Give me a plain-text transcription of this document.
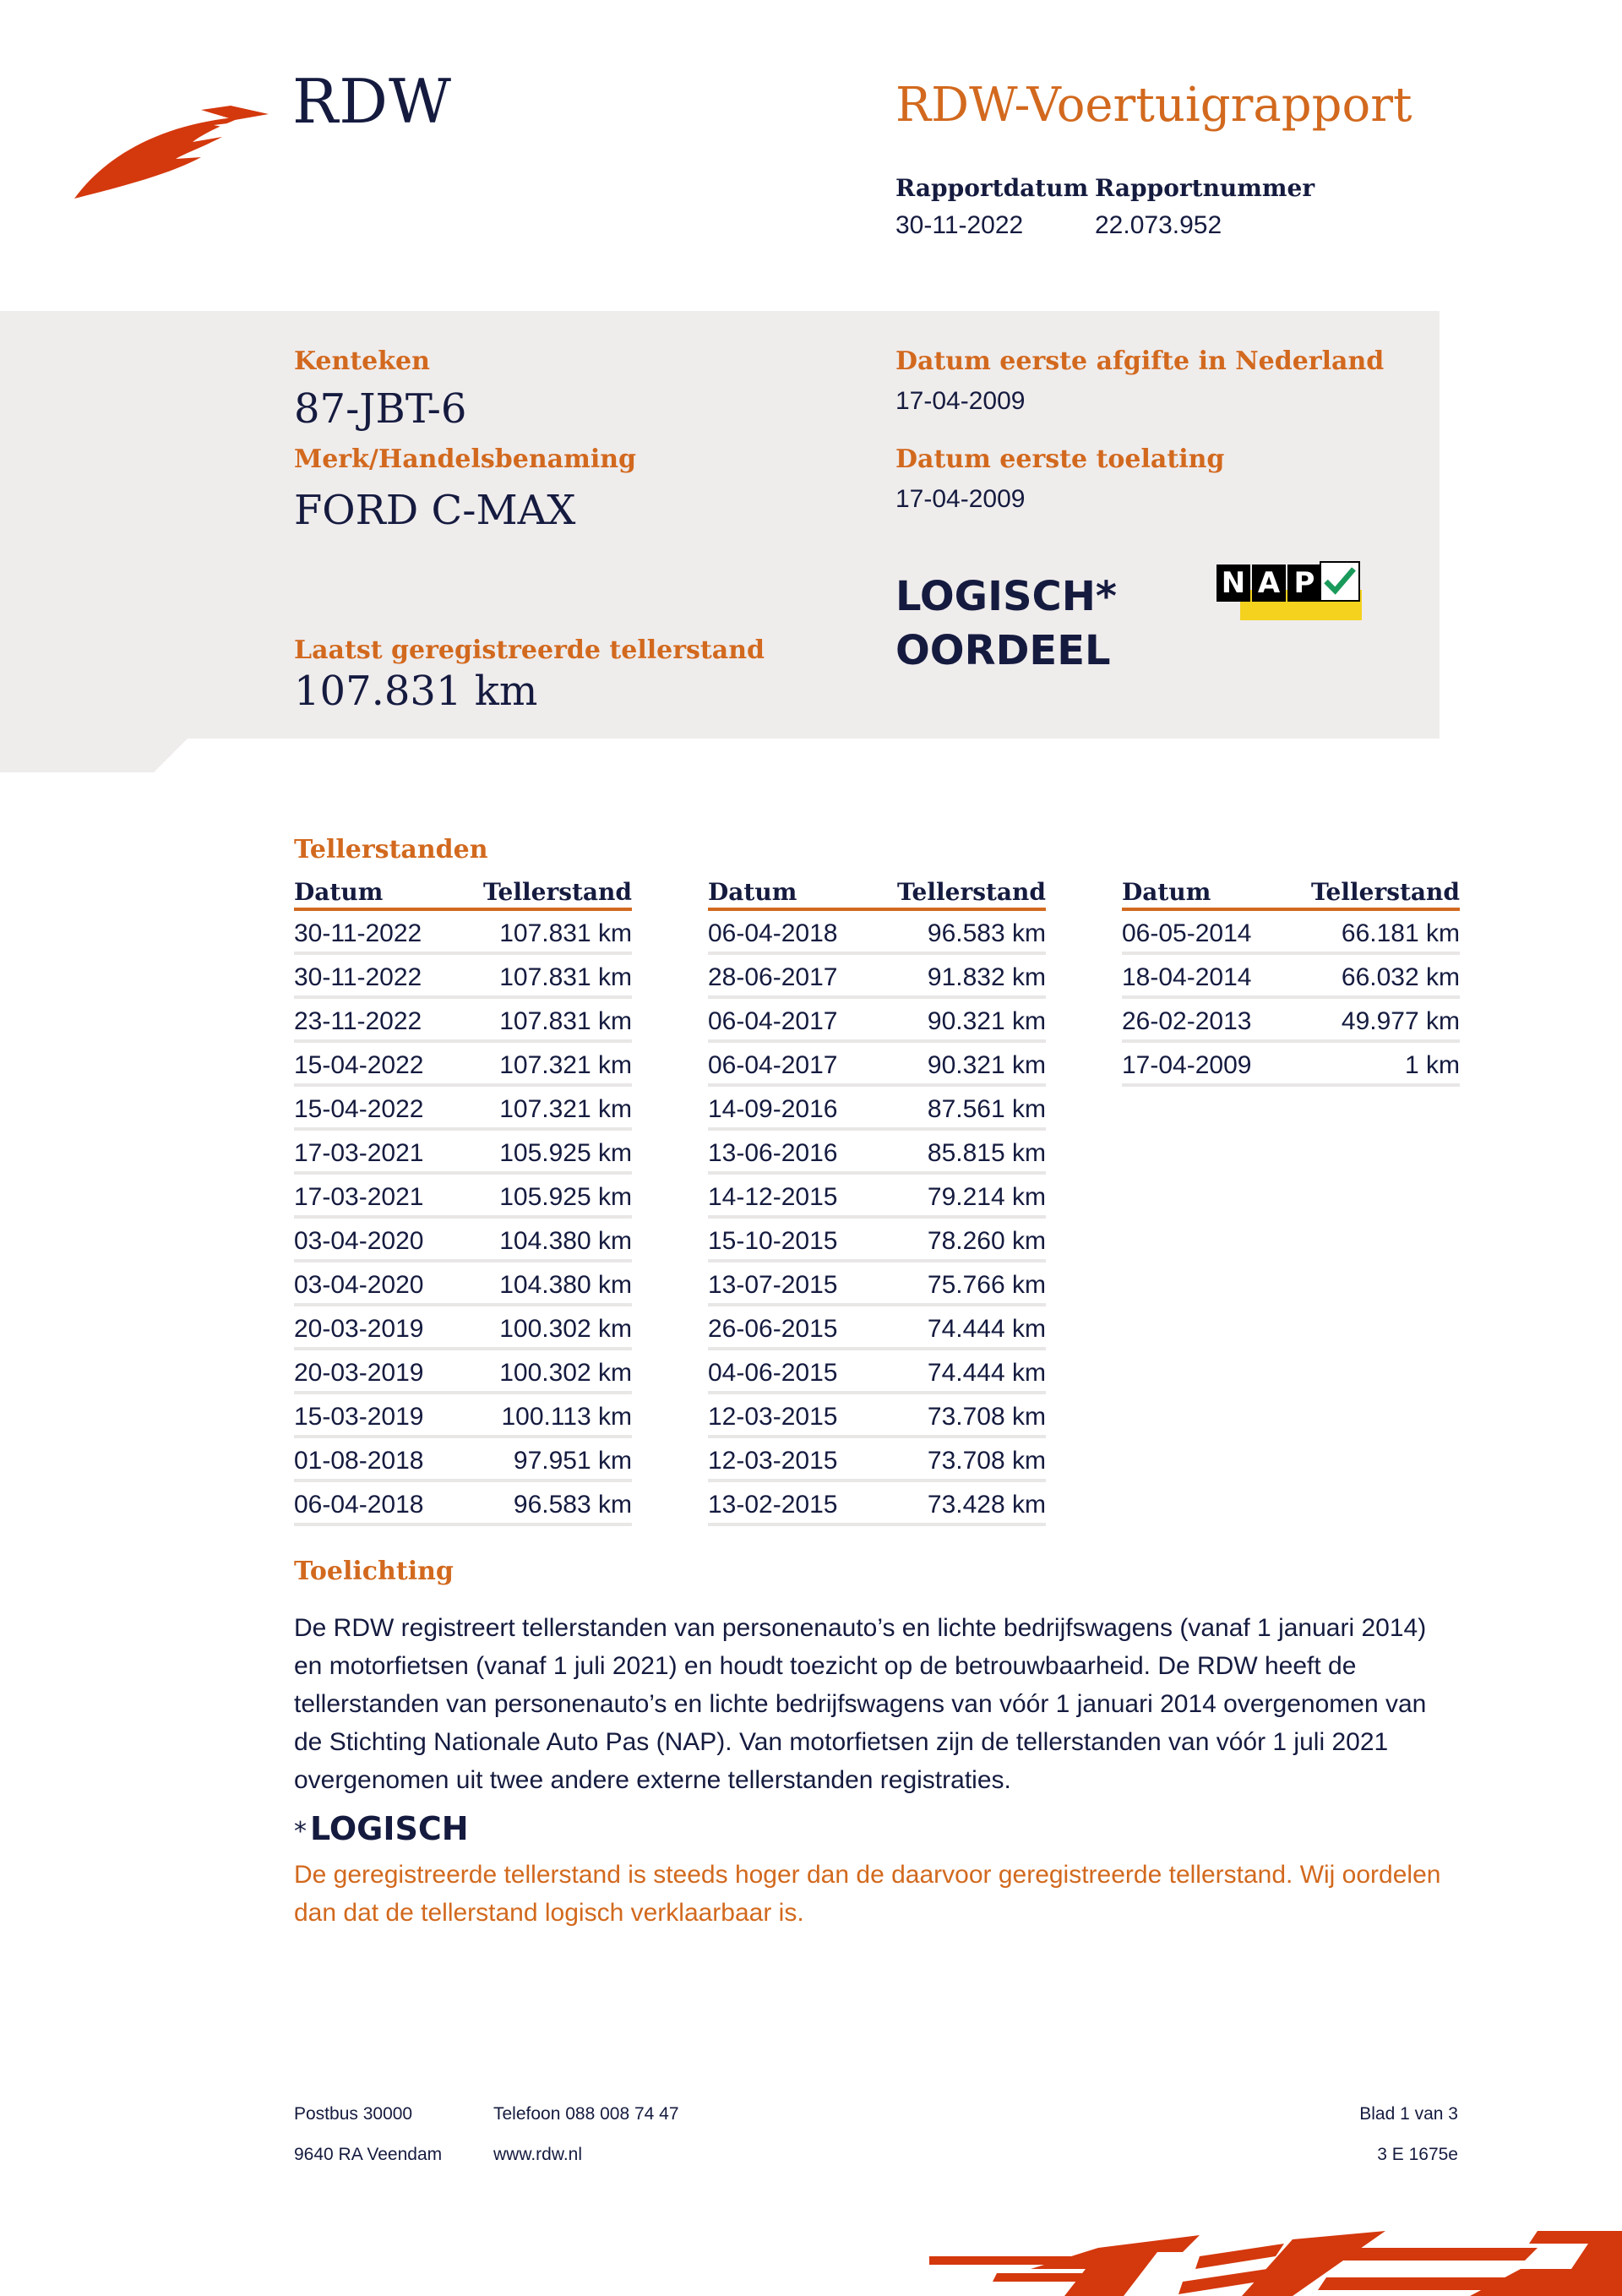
RDW	RDW-Voertuigrapport
Rapportdatum
30-11-2022
Rapportnummer
22.073.952
Kenteken
87-JBT-6
Merk/Handelsbenaming
FORD C-MAX
Datum eerste afgifte in Nederland
17-04-2009
Datum eerste toelating
17-04-2009
LOGISCH*
OORDEEL
N A P
Laatst geregistreerde tellerstand
107.831 km
Tellerstanden
Datum	Tellerstand
30-11-2022	107.831 km
30-11-2022	107.831 km
23-11-2022	107.831 km
15-04-2022	107.321 km
15-04-2022	107.321 km
17-03-2021	105.925 km
17-03-2021	105.925 km
03-04-2020	104.380 km
03-04-2020	104.380 km
20-03-2019	100.302 km
20-03-2019	100.302 km
15-03-2019	100.113 km
01-08-2018	97.951 km
06-04-2018	96.583 km
Datum	Tellerstand
06-04-2018	96.583 km
28-06-2017	91.832 km
06-04-2017	90.321 km
06-04-2017	90.321 km
14-09-2016	87.561 km
13-06-2016	85.815 km
14-12-2015	79.214 km
15-10-2015	78.260 km
13-07-2015	75.766 km
26-06-2015	74.444 km
04-06-2015	74.444 km
12-03-2015	73.708 km
12-03-2015	73.708 km
13-02-2015	73.428 km
Datum	Tellerstand
06-05-2014	66.181 km
18-04-2014	66.032 km
26-02-2013	49.977 km
17-04-2009	1 km
Toelichting
De RDW registreert tellerstanden van personenauto’s en lichte bedrijfswagens (vanaf 1 januari 2014) en motorfietsen (vanaf 1 juli 2021) en houdt toezicht op de betrouwbaarheid. De RDW heeft de tellerstanden van personenauto’s en lichte bedrijfswagens van vóór 1 januari 2014 overgenomen van de Stichting Nationale Auto Pas (NAP). Van motorfietsen zijn de tellerstanden van vóór 1 juli 2021 overgenomen uit twee andere externe tellerstanden registraties.
* LOGISCH
De geregistreerde tellerstand is steeds hoger dan de daarvoor geregistreerde tellerstand. Wij oordelen dan dat de tellerstand logisch verklaarbaar is.
Postbus 30000
9640 RA Veendam
Telefoon 088 008 74 47
www.rdw.nl
Blad 1 van 3
3 E 1675e
